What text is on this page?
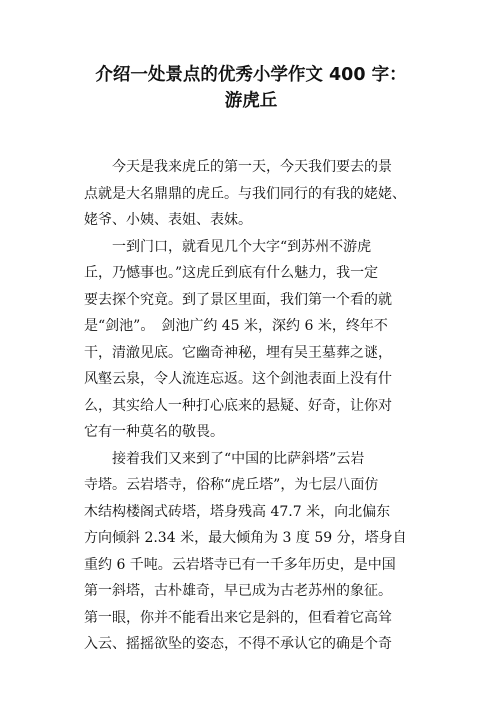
介绍一处景点的优秀小学作文 400 字：
游虎丘

　　今天是我来虎丘的第一天，今天我们要去的景
点就是大名鼎鼎的虎丘。与我们同行的有我的姥姥、
姥爷、小姨、表姐、表妹。

　　一到门口，就看见几个大字“到苏州不游虎
丘，乃憾事也。”这虎丘到底有什么魅力，我一定
要去探个究竟。到了景区里面，我们第一个看的就
是“剑池”。　剑池广约 45 米，深约 6 米，终年不
干，清澈见底。它幽奇神秘，埋有吴王墓葬之谜，
风壑云泉，令人流连忘返。这个剑池表面上没有什
么，其实给人一种打心底来的悬疑、好奇，让你对
它有一种莫名的敬畏。

　　接着我们又来到了“中国的比萨斜塔”云岩
寺塔。云岩塔寺，俗称“虎丘塔”，为七层八面仿
木结构楼阁式砖塔，塔身残高 47.7 米，向北偏东
方向倾斜 2.34 米，最大倾角为 3 度 59 分，塔身自
重约 6 千吨。云岩塔寺已有一千多年历史，是中国
第一斜塔，古朴雄奇，早已成为古老苏州的象征。
第一眼，你并不能看出来它是斜的，但看着它高耸
入云、摇摇欲坠的姿态，不得不承认它的确是个奇
